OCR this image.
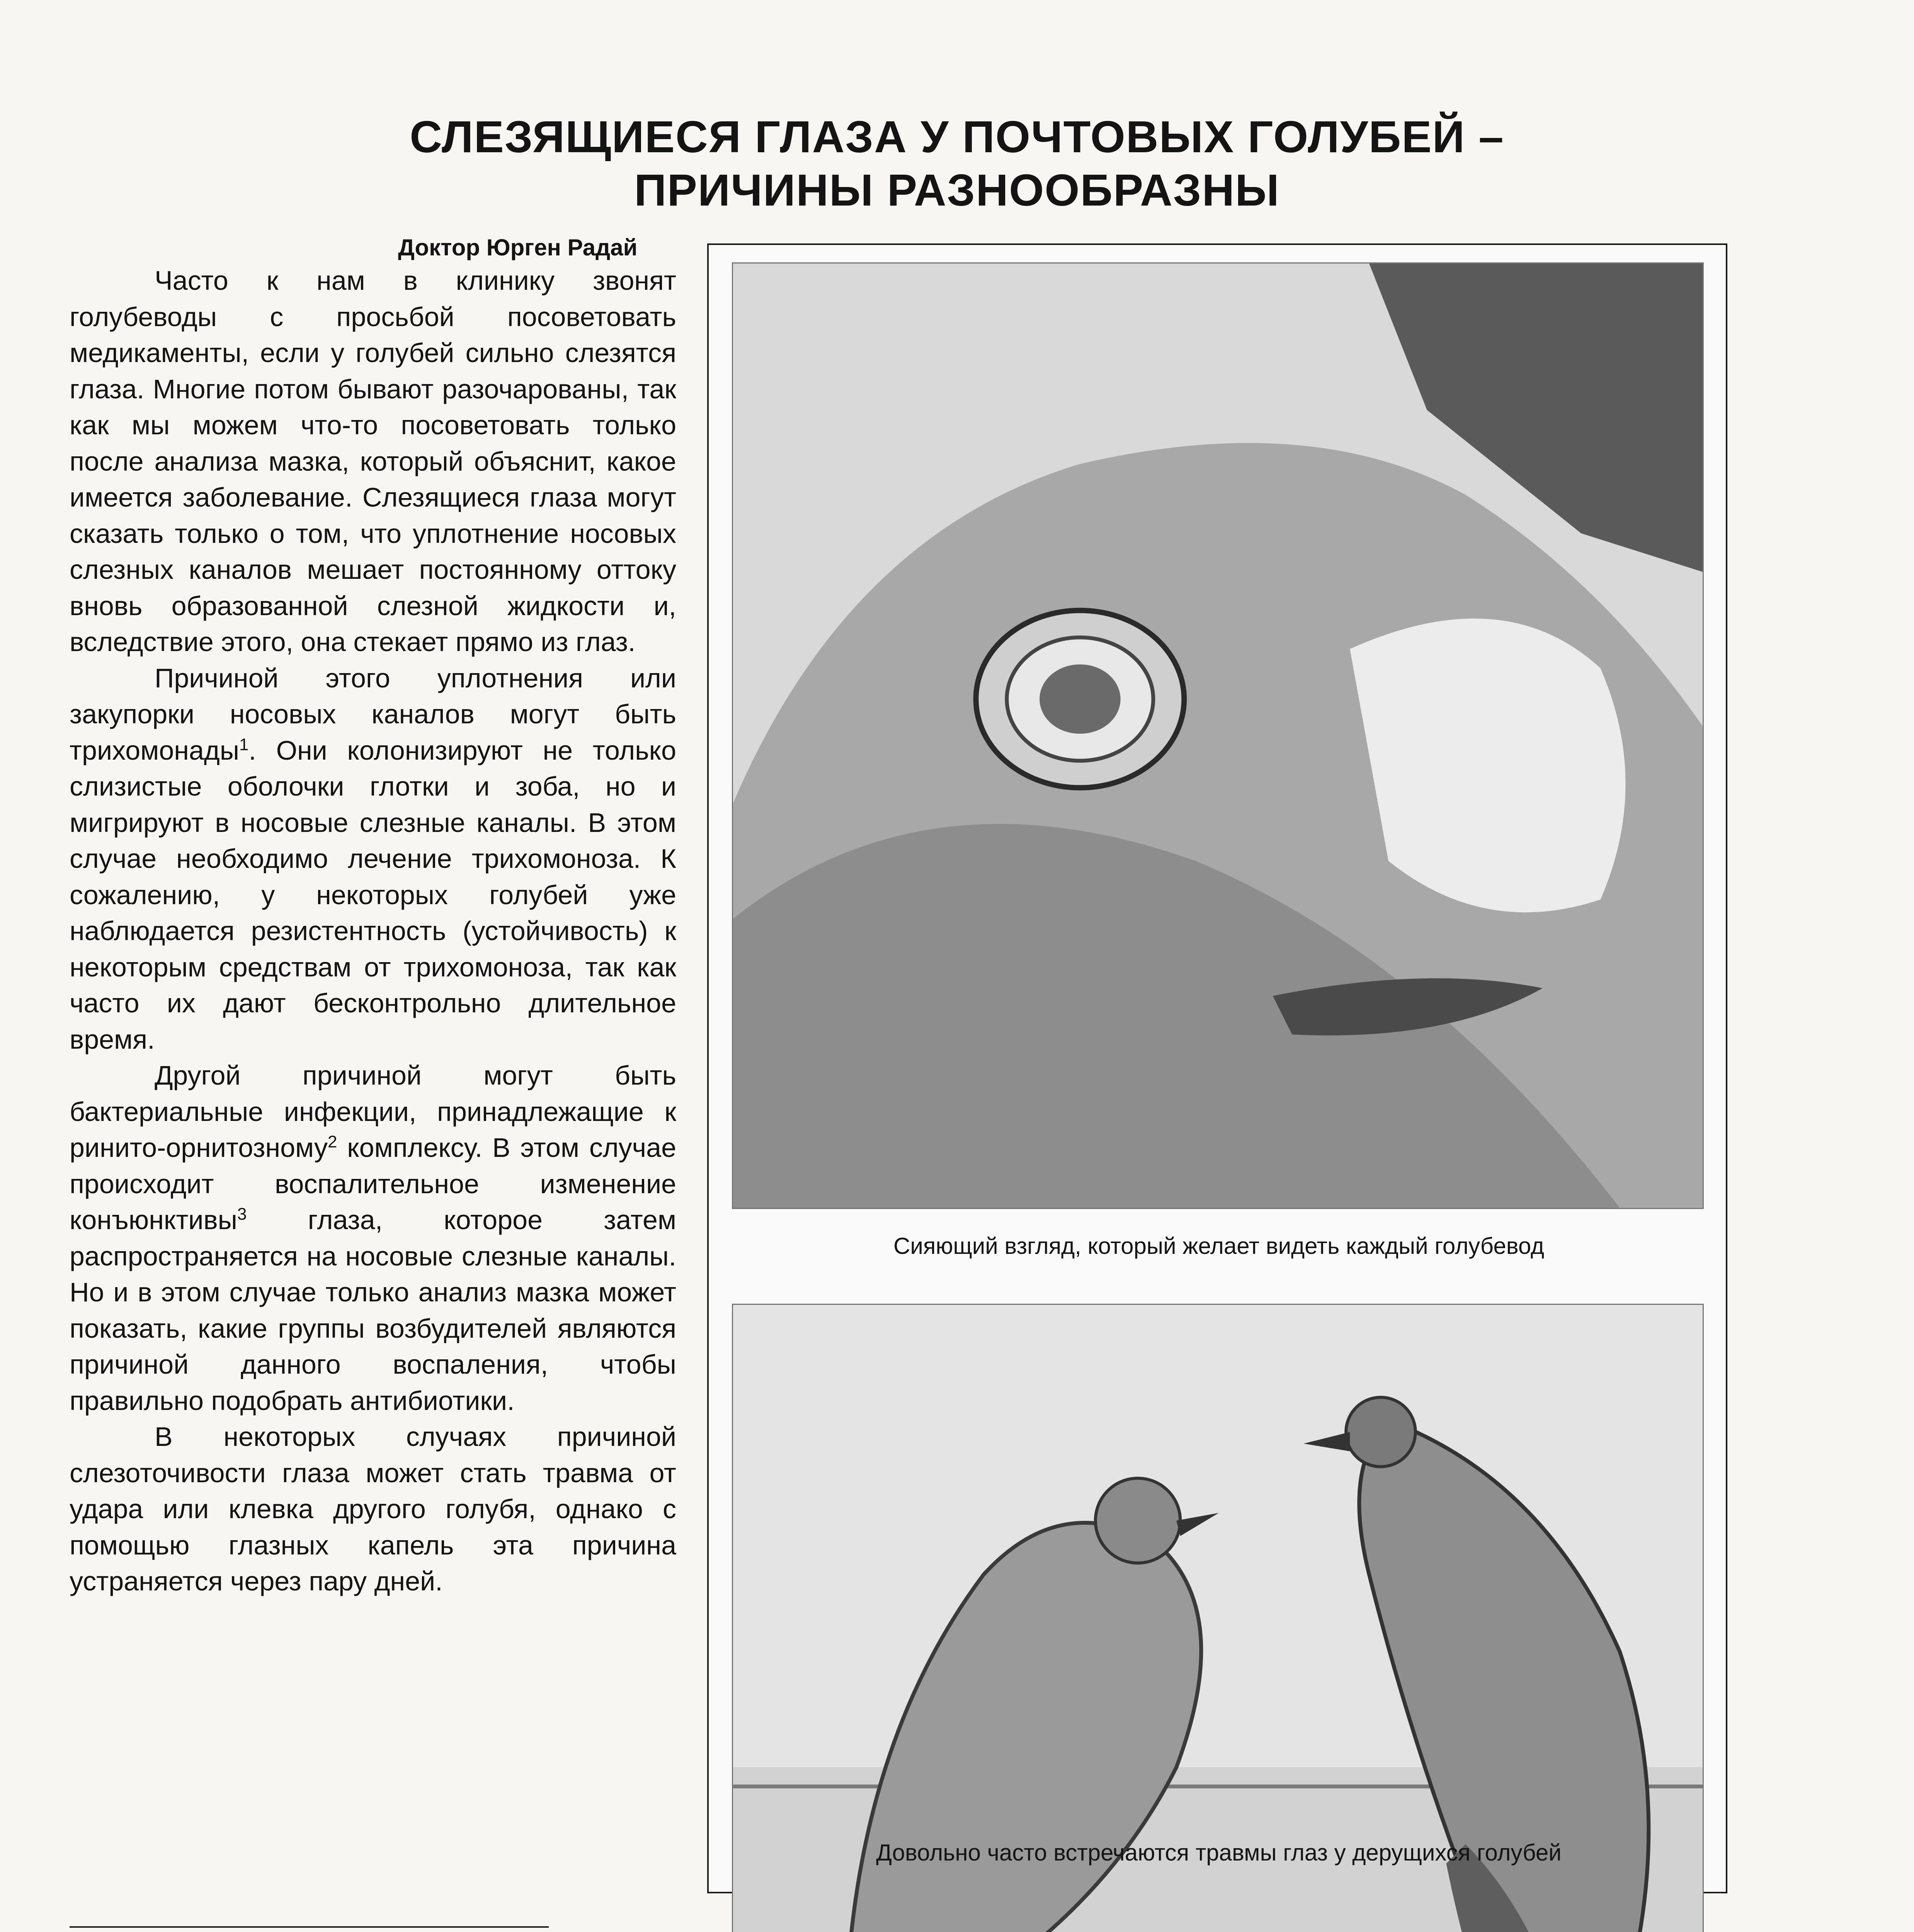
СЛЕЗЯЩИЕСЯ ГЛАЗА У ПОЧТОВЫХ ГОЛУБЕЙ –
ПРИЧИНЫ РАЗНООБРАЗНЫ
Доктор Юрген Радай

Часто к нам в клинику звонят голубеводы с просьбой посоветовать медикаменты, если у голубей сильно слезятся глаза. Многие потом бывают разочарованы, так как мы можем что-то посоветовать только после анализа мазка, который объяснит, какое имеется заболевание. Слезящиеся глаза могут сказать только о том, что уплотнение носовых слезных каналов мешает постоянному оттоку вновь образованной слезной жидкости и, вследствие этого, она стекает прямо из глаз.

Причиной этого уплотнения или закупорки носовых каналов могут быть трихомонады$^1$. Они колонизируют не только слизистые оболочки глотки и зоба, но и мигрируют в носовые слезные каналы. В этом случае необходимо лечение трихомоноза. К сожалению, у некоторых голубей уже наблюдается резистентность (устойчивость) к некоторым средствам от трихомоноза, так как часто их дают бесконтрольно длительное время.

Другой причиной могут быть бактериальные инфекции, принадлежащие к ринито-орнитозному$^2$ комплексу. В этом случае происходит воспалительное изменение конъюнктивы$^3$ глаза, которое затем распространяется на носовые слезные каналы. Но и в этом случае только анализ мазка может показать, какие группы возбудителей являются причиной данного воспаления, чтобы правильно подобрать антибиотики.

В некоторых случаях причиной слезоточивости глаза может стать травма от удара или клевка другого голубя, однако с помощью глазных капель эта причина устраняется через пару дней.

Сияющий взгляд, который желает видеть каждый голубевод
Довольно часто встречаются травмы глаз у дерущихся голубей
